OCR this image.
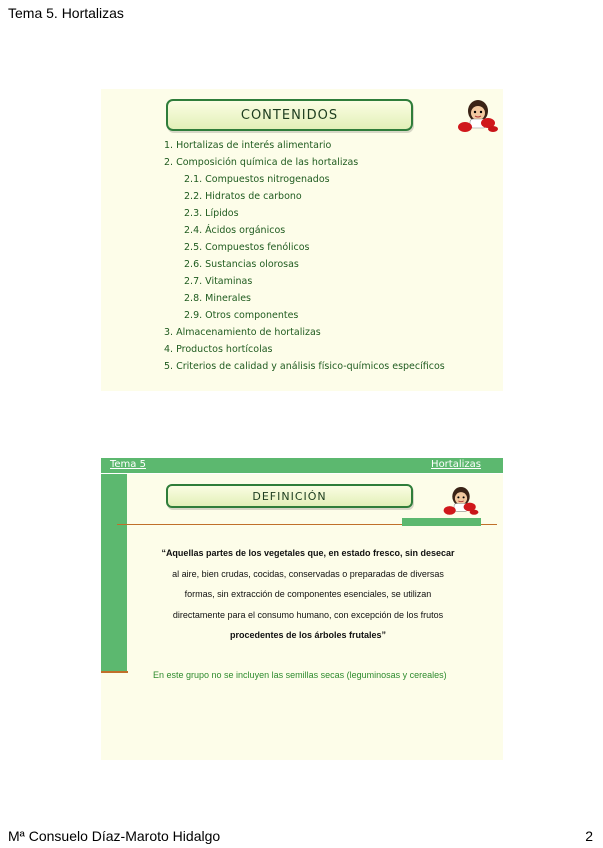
Tema 5. Hortalizas
CONTENIDOS
1. Hortalizas de interés alimentario
2. Composición química de las hortalizas
2.1. Compuestos nitrogenados
2.2. Hidratos de carbono
2.3. Lípidos
2.4. Ácidos orgánicos
2.5. Compuestos fenólicos
2.6. Sustancias olorosas
2.7. Vitaminas
2.8. Minerales
2.9. Otros componentes
3. Almacenamiento de hortalizas
4. Productos hortícolas
5. Criterios de calidad y análisis físico-químicos específicos
Tema 5	Hortalizas
DEFINICIÓN
“Aquellas partes de los vegetales que, en estado fresco, sin desecar
al aire, bien crudas, cocidas, conservadas o preparadas de diversas
formas, sin extracción de componentes esenciales, se utilizan
directamente para el consumo humano, con excepción de los frutos
procedentes de los árboles frutales”
En este grupo no se incluyen las semillas secas (leguminosas y cereales)
Mª Consuelo Díaz-Maroto Hidalgo	2
